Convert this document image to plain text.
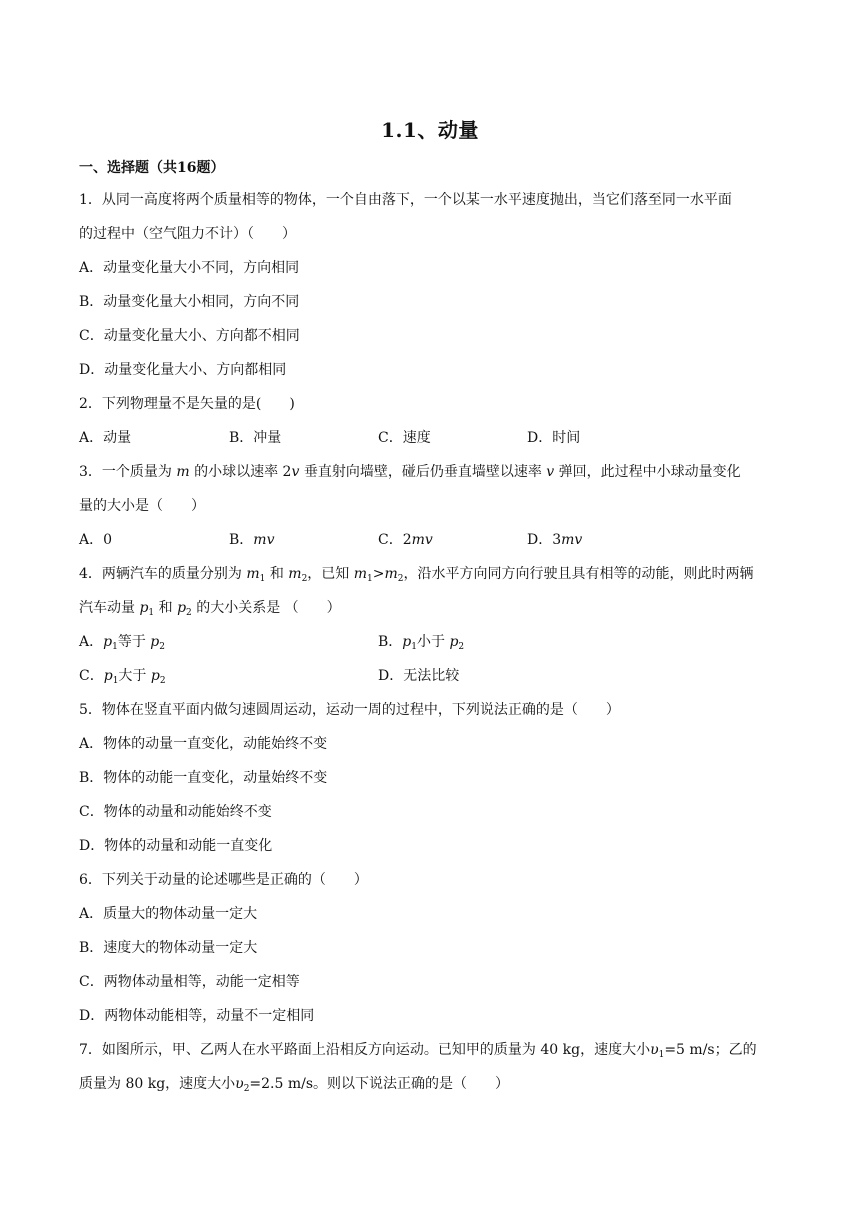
1.1、动量
一、选择题（共16题）
1．从同一高度将两个质量相等的物体，一个自由落下，一个以某一水平速度抛出，当它们落至同一水平面
的过程中（空气阻力不计）（　　）
A．动量变化量大小不同，方向相同
B．动量变化量大小相同，方向不同
C．动量变化量大小、方向都不相同
D．动量变化量大小、方向都相同
2．下列物理量不是矢量的是(　　)
A．动量	B．冲量	C．速度	D．时间
3．一个质量为 m 的小球以速率 2v 垂直射向墙壁，碰后仍垂直墙壁以速率 v 弹回，此过程中小球动量变化
量的大小是（　　）
A．0	B．mv	C．2mv	D．3mv
4．两辆汽车的质量分别为 $m_1$ 和 $m_2$，已知 $m_1>m_2$，沿水平方向同方向行驶且具有相等的动能，则此时两辆
汽车动量 $p_1$ 和 $p_2$ 的大小关系是 （　　）
A．$p_1$等于 $p_2$	B．$p_1$小于 $p_2$
C．$p_1$大于 $p_2$	D．无法比较
5．物体在竖直平面内做匀速圆周运动，运动一周的过程中，下列说法正确的是（　　）
A．物体的动量一直变化，动能始终不变
B．物体的动能一直变化，动量始终不变
C．物体的动量和动能始终不变
D．物体的动量和动能一直变化
6．下列关于动量的论述哪些是正确的（　　）
A．质量大的物体动量一定大
B．速度大的物体动量一定大
C．两物体动量相等，动能一定相等
D．两物体动能相等，动量不一定相同
7．如图所示，甲、乙两人在水平路面上沿相反方向运动。已知甲的质量为 40 kg，速度大小$\upsilon_1=5$ m/s；乙的
质量为 80 kg，速度大小$\upsilon_2=2.5$ m/s。则以下说法正确的是（　　）
